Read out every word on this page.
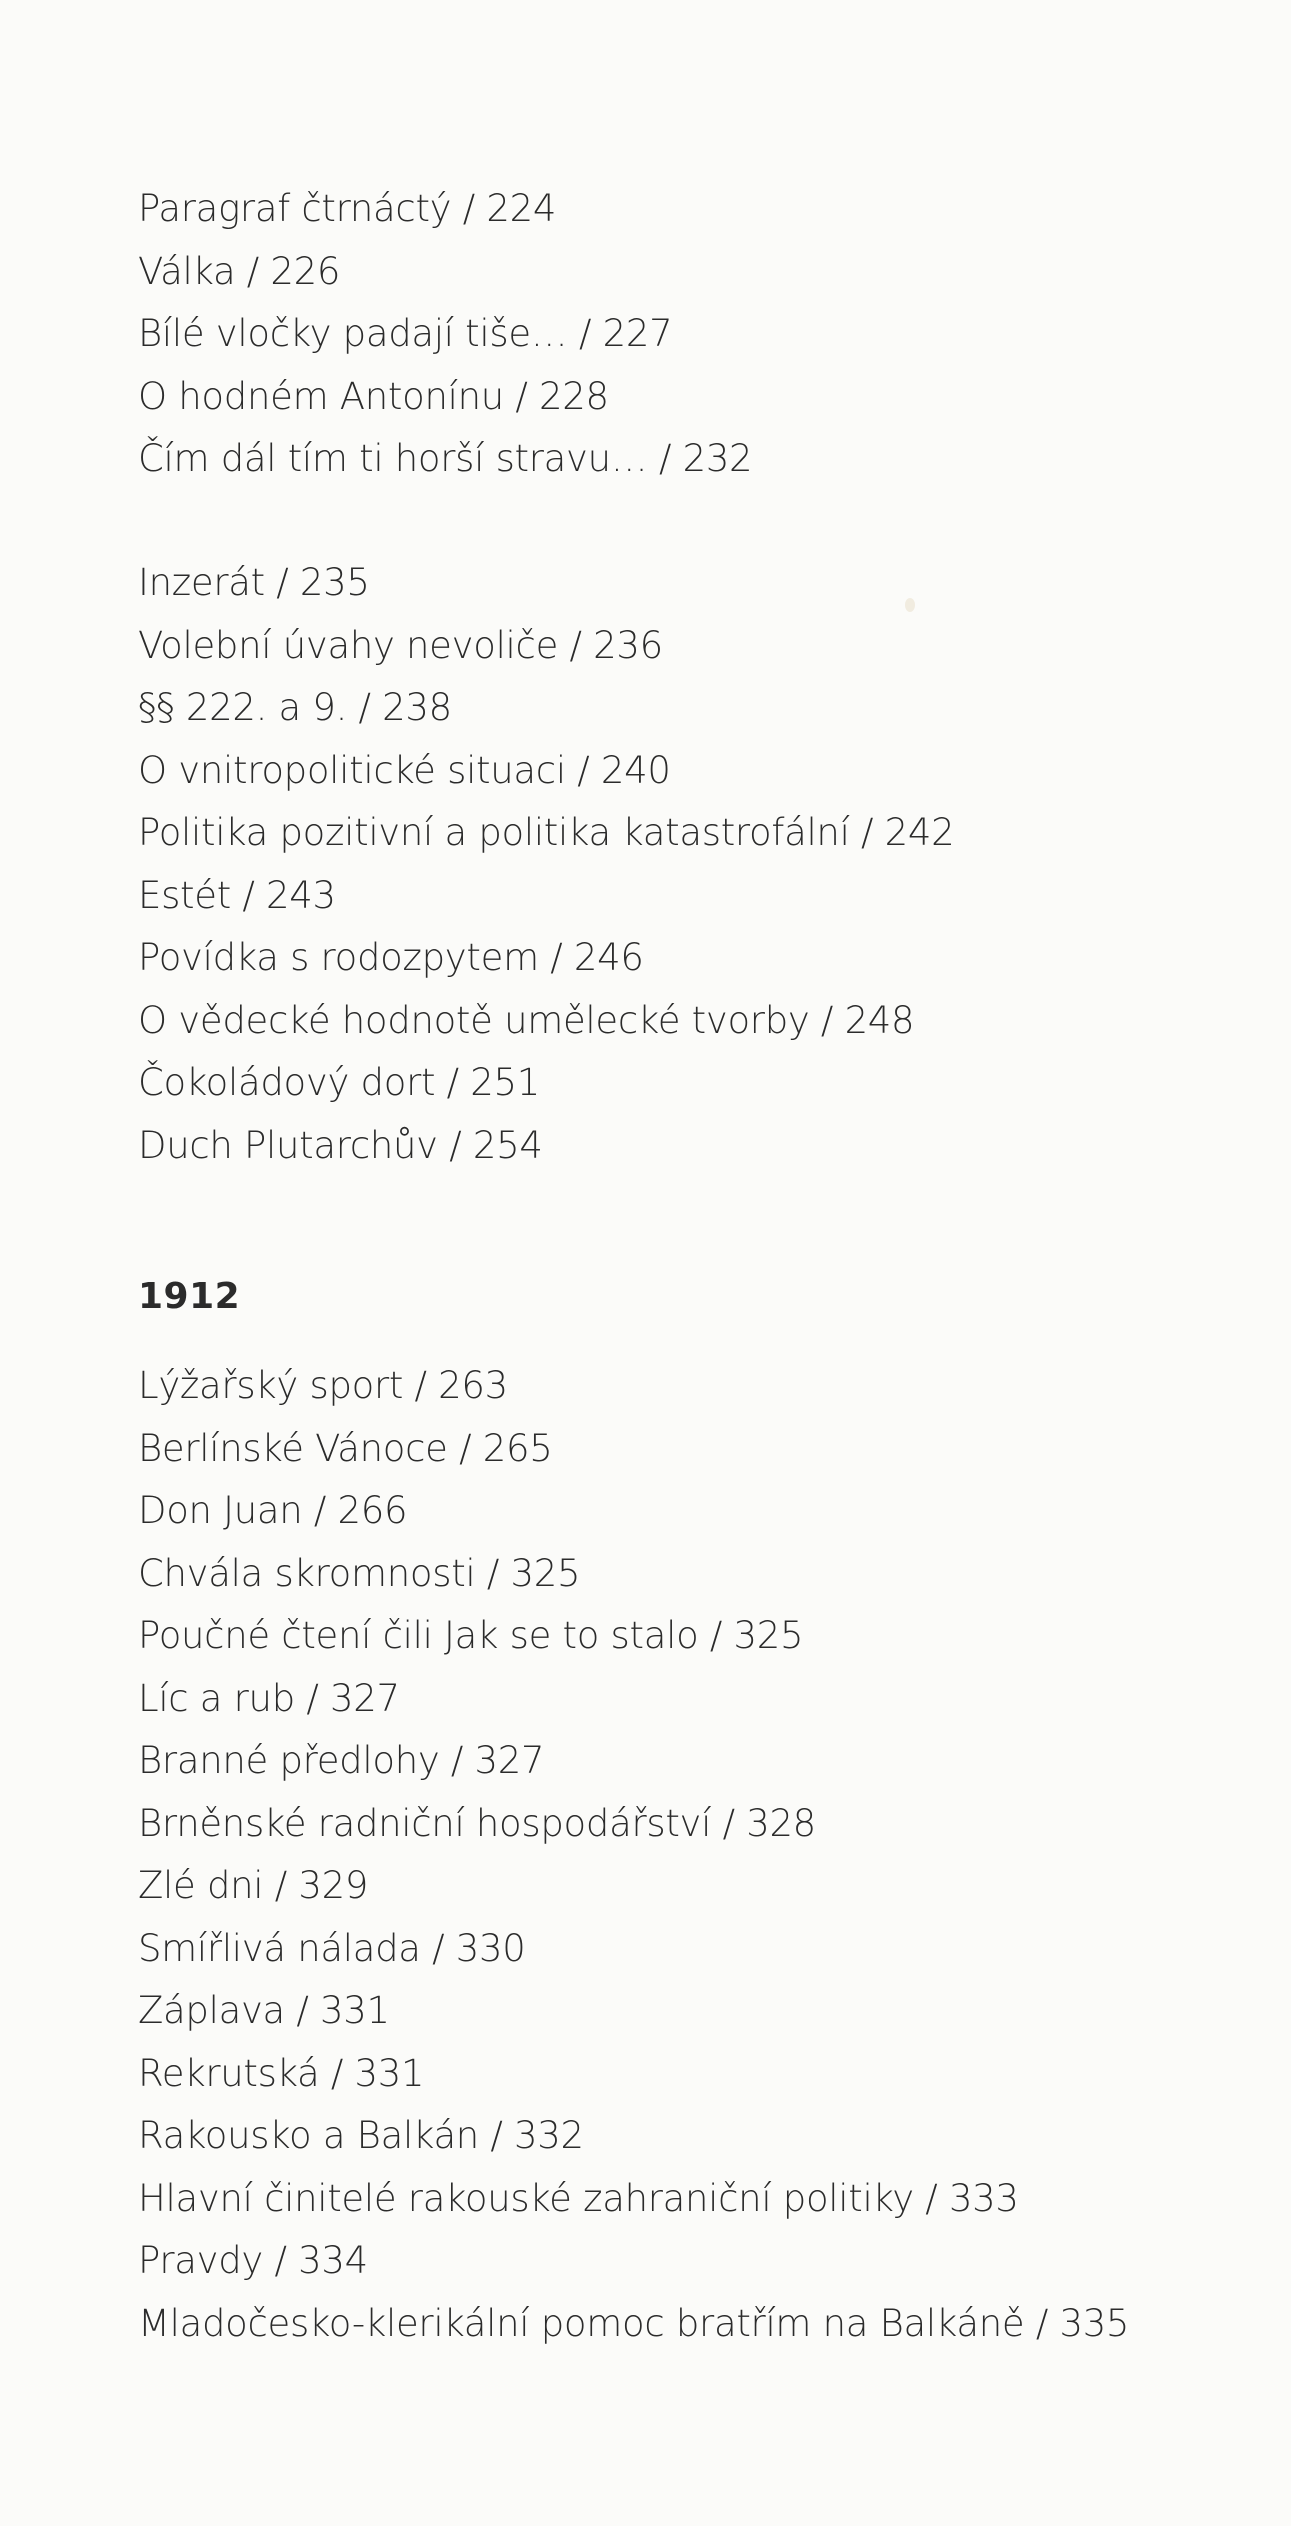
Paragraf čtrnáctý / 224
Válka / 226
Bílé vločky padají tiše… / 227
O hodném Antonínu / 228
Čím dál tím ti horší stravu… / 232
Inzerát / 235
Volební úvahy nevoliče / 236
§§ 222. a 9. / 238
O vnitropolitické situaci / 240
Politika pozitivní a politika katastrofální / 242
Estét / 243
Povídka s rodozpytem / 246
O vědecké hodnotě umělecké tvorby / 248
Čokoládový dort / 251
Duch Plutarchův / 254
1912
Lýžařský sport / 263
Berlínské Vánoce / 265
Don Juan / 266
Chvála skromnosti / 325
Poučné čtení čili Jak se to stalo / 325
Líc a rub / 327
Branné předlohy / 327
Brněnské radniční hospodářství / 328
Zlé dni / 329
Smířlivá nálada / 330
Záplava / 331
Rekrutská / 331
Rakousko a Balkán / 332
Hlavní činitelé rakouské zahraniční politiky / 333
Pravdy / 334
Mladočesko-klerikální pomoc bratřím na Balkáně / 335
